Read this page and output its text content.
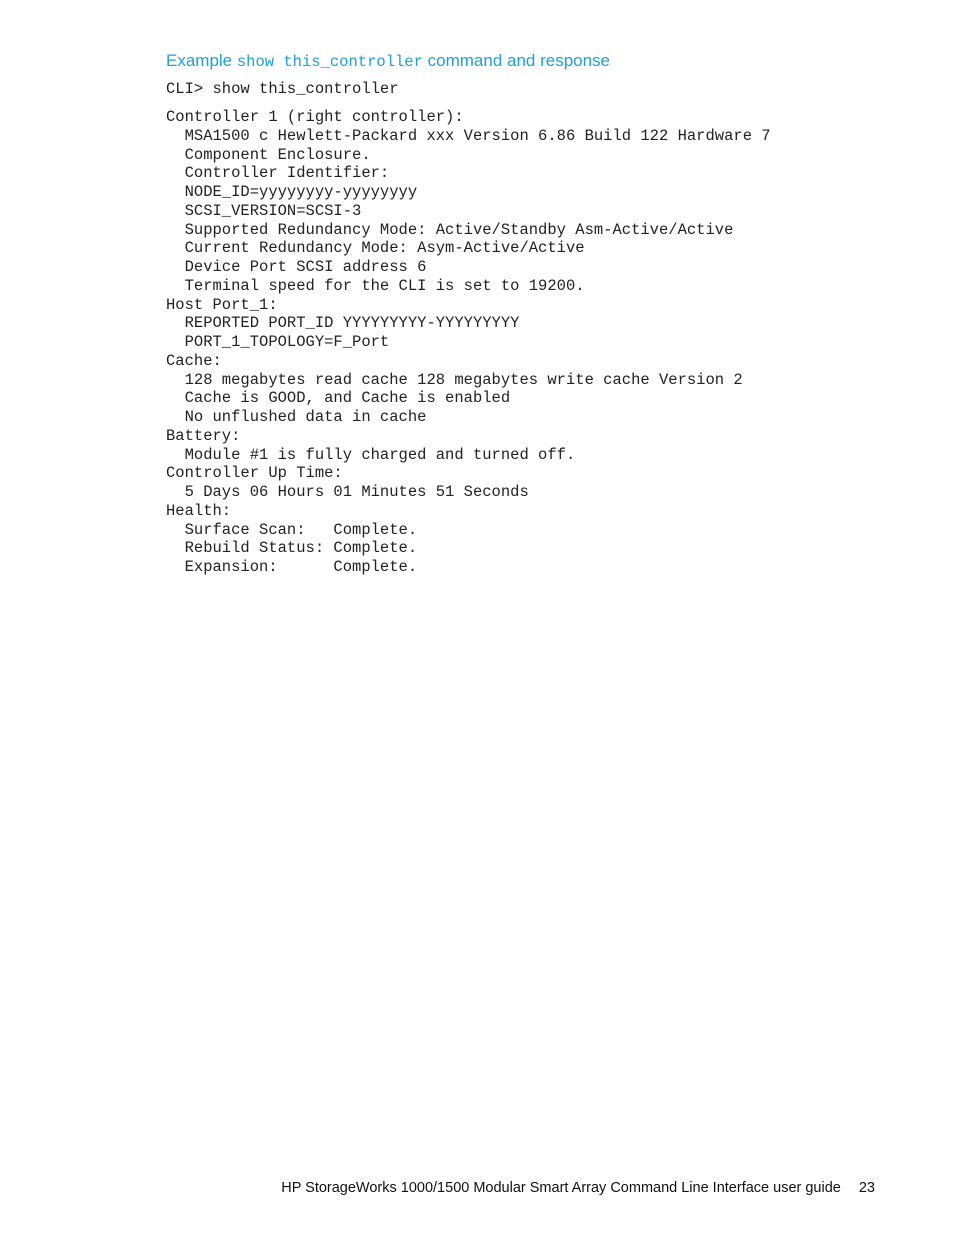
Example show this_controller command and response
CLI> show this_controller
Controller 1 (right controller):
MSA1500 c Hewlett-Packard xxx Version 6.86 Build 122 Hardware 7
Component Enclosure.
Controller Identifier:
NODE_ID=yyyyyyyy-yyyyyyyy
SCSI_VERSION=SCSI-3
Supported Redundancy Mode: Active/Standby Asm-Active/Active
Current Redundancy Mode: Asym-Active/Active
Device Port SCSI address 6
Terminal speed for the CLI is set to 19200.
Host Port_1:
REPORTED PORT_ID YYYYYYYYY-YYYYYYYYY
PORT_1_TOPOLOGY=F_Port
Cache:
128 megabytes read cache 128 megabytes write cache Version 2
Cache is GOOD, and Cache is enabled
No unflushed data in cache
Battery:
Module #1 is fully charged and turned off.
Controller Up Time:
5 Days 06 Hours 01 Minutes 51 Seconds
Health:
Surface Scan:   Complete.
Rebuild Status: Complete.
Expansion:      Complete.
HP StorageWorks 1000/1500 Modular Smart Array Command Line Interface user guide 23
